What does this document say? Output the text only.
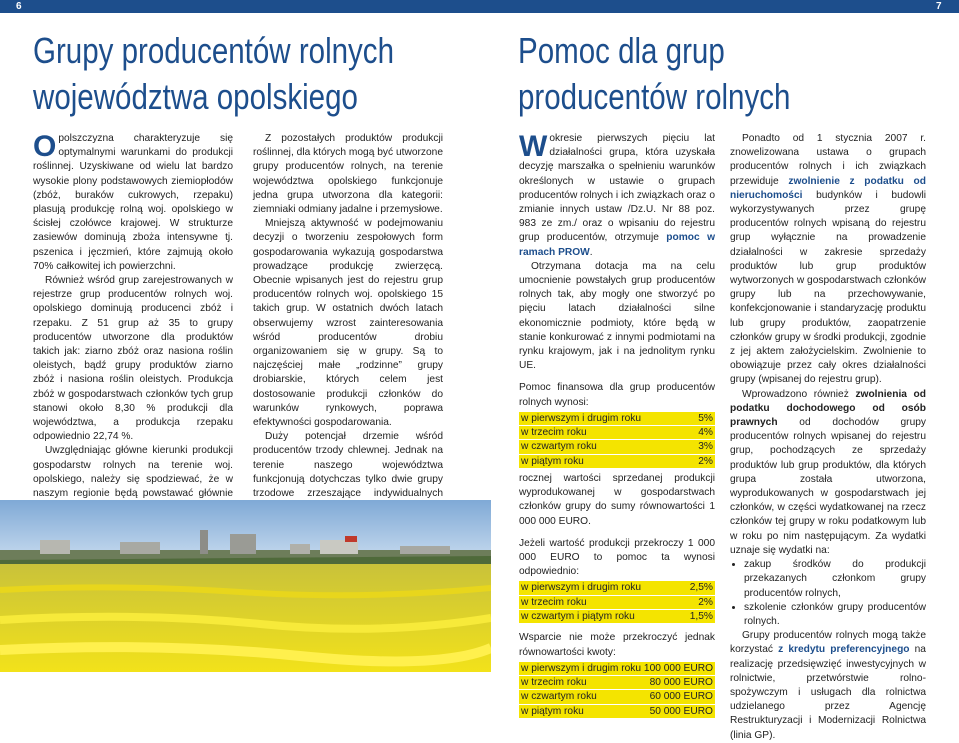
6	7
Grupy producentów rolnych
województwa opolskiego
Pomoc dla grup
producentów rolnych

Opolszczyzna charakteryzuje się optymalnymi warunkami do produkcji roślinnej. Uzyskiwane od wielu lat bardzo wysokie plony podstawowych ziemiopłodów (zbóż, buraków cukrowych, rzepaku) plasują produkcję rolną woj. opolskiego w ścisłej czołówce krajowej. W strukturze zasiewów dominują zboża intensywne tj. pszenica i jęczmień, które zajmują około 70% całkowitej ich powierzchni.

Również wśród grup zarejestrowanych w rejestrze grup producentów rolnych woj. opolskiego dominują producenci zbóż i rzepaku. Z 51 grup aż 35 to grupy producentów utworzone dla produktów takich jak: ziarno zbóż oraz nasiona roślin oleistych, bądź grupy produktów ziarno zbóż i nasiona roślin oleistych. Produkcja zbóż w gospodarstwach członków tych grup stanowi około 8,30 % produkcji dla województwa, a produkcja rzepaku odpowiednio 22,74 %.

Uwzględniając główne kierunki produkcji gospodarstw rolnych na terenie woj. opolskiego, należy się spodziewać, że w naszym regionie będą powstawać głównie

Z pozostałych produktów produkcji roślinnej, dla których mogą być utworzone grupy producentów rolnych, na terenie województwa opolskiego funkcjonuje jedna grupa utworzona dla kategorii: ziemniaki odmiany jadalne i przemysłowe.

Mniejszą aktywność w podejmowaniu decyzji o tworzeniu zespołowych form gospodarowania wykazują gospodarstwa prowadzące produkcję zwierzęcą. Obecnie wpisanych jest do rejestru grup producentów rolnych woj. opolskiego 15 takich grup. W ostatnich dwóch latach obserwujemy wzrost zainteresowania wśród producentów drobiu organizowaniem się w grupy. Są to najczęściej małe „rodzinne” grupy drobiarskie, których celem jest dostosowanie produkcji członków do warunków rynkowych, poprawa efektywności gospodarowania.

Duży potencjał drzemie wśród producentów trzody chlewnej. Jednak na terenie naszego województwa funkcjonują dotychczas tylko dwie grupy trzodowe zrzeszające indywidualnych

Wokresie pierwszych pięciu lat działalności grupa, która uzyskała decyzję marszałka o spełnieniu warunków określonych w ustawie o grupach producentów rolnych i ich związkach oraz o zmianie innych ustaw /Dz.U. Nr 88 poz. 983 ze zm./ oraz o wpisaniu do rejestru grup producentów, otrzymuje pomoc w ramach PROW.

Otrzymana dotacja ma na celu umocnienie powstałych grup producentów rolnych tak, aby mogły one stworzyć po pięciu latach działalności silne ekonomicznie podmioty, które będą w stanie konkurować z innymi podmiotami na rynku krajowym, jak i na jednolitym rynku UE.

Pomoc finansowa dla grup producentów rolnych wynosi:

w pierwszym i drugim roku	5%
w trzecim roku	4%
w czwartym roku	3%
w piątym roku	2%

rocznej wartości sprzedanej produkcji wyprodukowanej w gospodarstwach członków grupy do sumy równowartości 1 000 000 EURO.

Jeżeli wartość produkcji przekroczy 1 000 000 EURO to pomoc ta wynosi odpowiednio:

w pierwszym i drugim roku	2,5%
w trzecim roku	2%
w czwartym i piątym roku	1,5%

Wsparcie nie może przekroczyć jednak równowartości kwoty:

w pierwszym i drugim roku 100 000 EURO
w trzecim roku	80 000 EURO
w czwartym roku	60 000 EURO
w piątym roku	50 000 EURO

Ponadto od 1 stycznia 2007 r. znowelizowana ustawa o grupach producentów rolnych i ich związkach przewiduje zwolnienie z podatku od nieruchomości budynków i budowli wykorzystywanych przez grupę producentów rolnych wpisaną do rejestru grup wyłącznie na prowadzenie działalności w zakresie sprzedaży produktów lub grup produktów wytworzonych w gospodarstwach członków grupy lub na przechowywanie, konfekcjonowanie i standaryzację produktu lub grupy produktów, zaopatrzenie członków grupy w środki produkcji, zgodnie z jej aktem założycielskim. Zwolnienie to obowiązuje przez cały okres działalności grupy (wpisanej do rejestru grup).

Wprowadzono również zwolnienia od podatku dochodowego od osób prawnych od dochodów grupy producentów rolnych wpisanej do rejestru grup, pochodzących ze sprzedaży produktów lub grup produktów, dla których grupa została utworzona, wyprodukowanych w gospodarstwach jej członków, w części wydatkowanej na rzecz członków tej grupy w roku podatkowym lub w roku po nim następującym. Za wydatki uznaje się wydatki na:

• zakup środków do produkcji przekazanych członkom grupy producentów rolnych,
• szkolenie członków grupy producentów rolnych.

Grupy producentów rolnych mogą także korzystać z kredytu preferencyjnego na realizację przedsięwzięć inwestycyjnych w rolnictwie, przetwórstwie rolno-spożywczym i usługach dla rolnictwa udzielanego przez Agencję Restrukturyzacji i Modernizacji Rolnictwa (linia GP).
